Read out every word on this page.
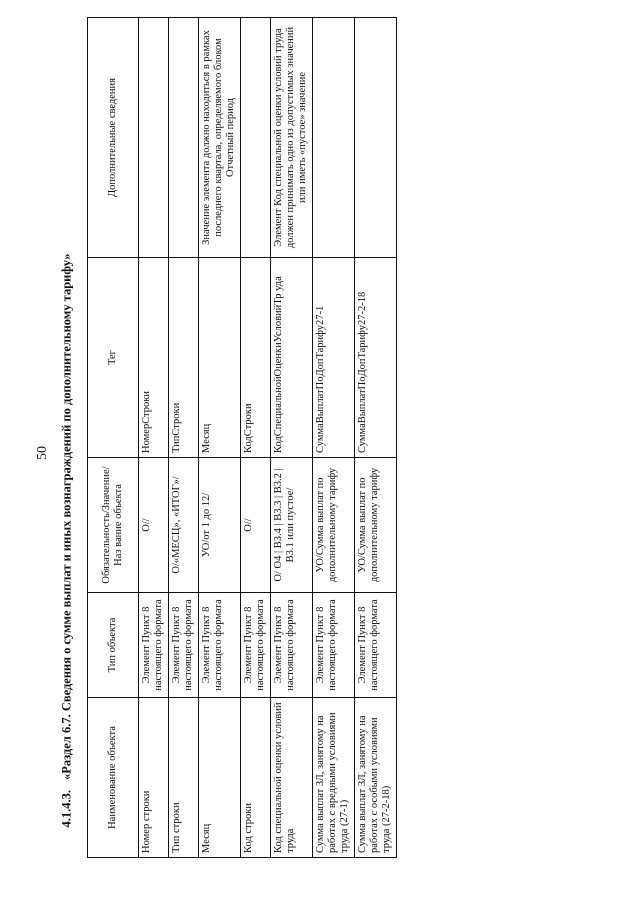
50
4.1.4.3.«Раздел 6.7. Сведения о сумме выплат и иных вознаграждений по дополнительному тарифу»	Наименование объекта	Тип объекта	Обязательность/Значение/Наз вание объекта	Тег	Дополнительные сведения
Номер строки	Элемент Пункт 8 настоящего формата	О//	НомерСтроки	
Тип строки	Элемент Пункт 8 настоящего формата	О/«МЕСЦ», «ИТОГ»/	ТипСтроки	
Месяц	Элемент Пункт 8 настоящего формата	УО/от 1 до 12/	Месяц	Значение элемента должно находиться в рамках последнего квартала, определяемого блоком Отчетный период
Код строки	Элемент Пункт 8 настоящего формата	О//	КодСтроки	
Код специальной оценки условий труда	Элемент Пункт 8 настоящего формата	О/ О4 | В3.4 | В3.3 | В3.2 | В3.1 или пустое/	КодСпециальнойОценкиУсловийТр уда	Элемент Код специальной оценки условий труда должен принимать одно из допустимых значений или иметь «пустое» значение
Сумма выплат ЗЛ, занятому на работах с вредными условиями труда (27-1)	Элемент Пункт 8 настоящего формата	УО/Сумма выплат по дополнительному тарифу	СуммаВыплатПоДопТарифу27-1	
Сумма выплат ЗЛ, занятому на работах с особыми условиями труда (27-2-18)	Элемент Пункт 8 настоящего формата	УО/Сумма выплат по дополнительному тарифу	СуммаВыплатПоДопТарифу27-2-18	
